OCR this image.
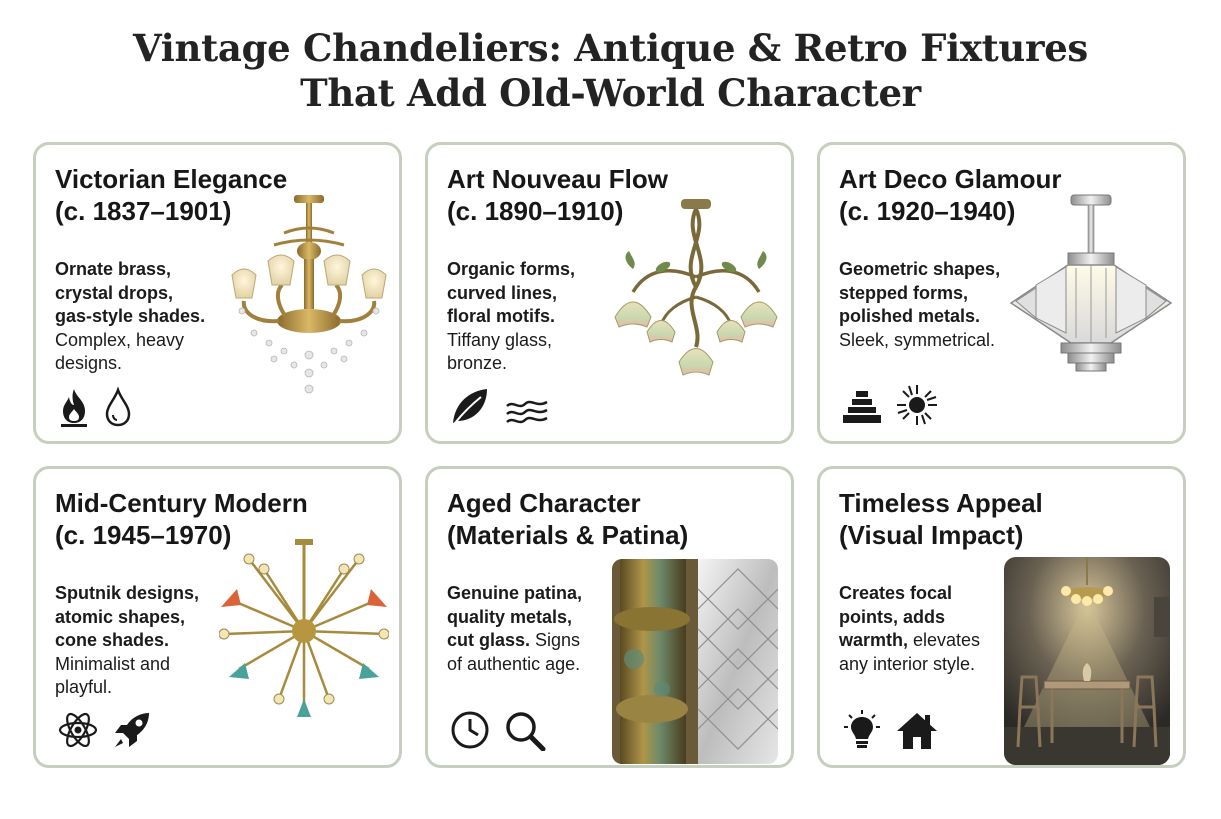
Vintage Chandeliers: Antique & Retro Fixtures
That Add Old-World Character
Victorian Elegance
(c. 1837–1901)
Ornate brass,
crystal drops,
gas-style shades.
Complex, heavy
designs.
Art Nouveau Flow
(c. 1890–1910)
Organic forms,
curved lines,
floral motifs.
Tiffany glass,
bronze.
Art Deco Glamour
(c. 1920–1940)
Geometric shapes,
stepped forms,
polished metals.
Sleek, symmetrical.
Mid-Century Modern
(c. 1945–1970)
Sputnik designs,
atomic shapes,
cone shades.
Minimalist and
playful.
Aged Character
(Materials & Patina)
Genuine patina,
quality metals,
cut glass. Signs
of authentic age.
Timeless Appeal
(Visual Impact)
Creates focal
points, adds
warmth, elevates
any interior style.
